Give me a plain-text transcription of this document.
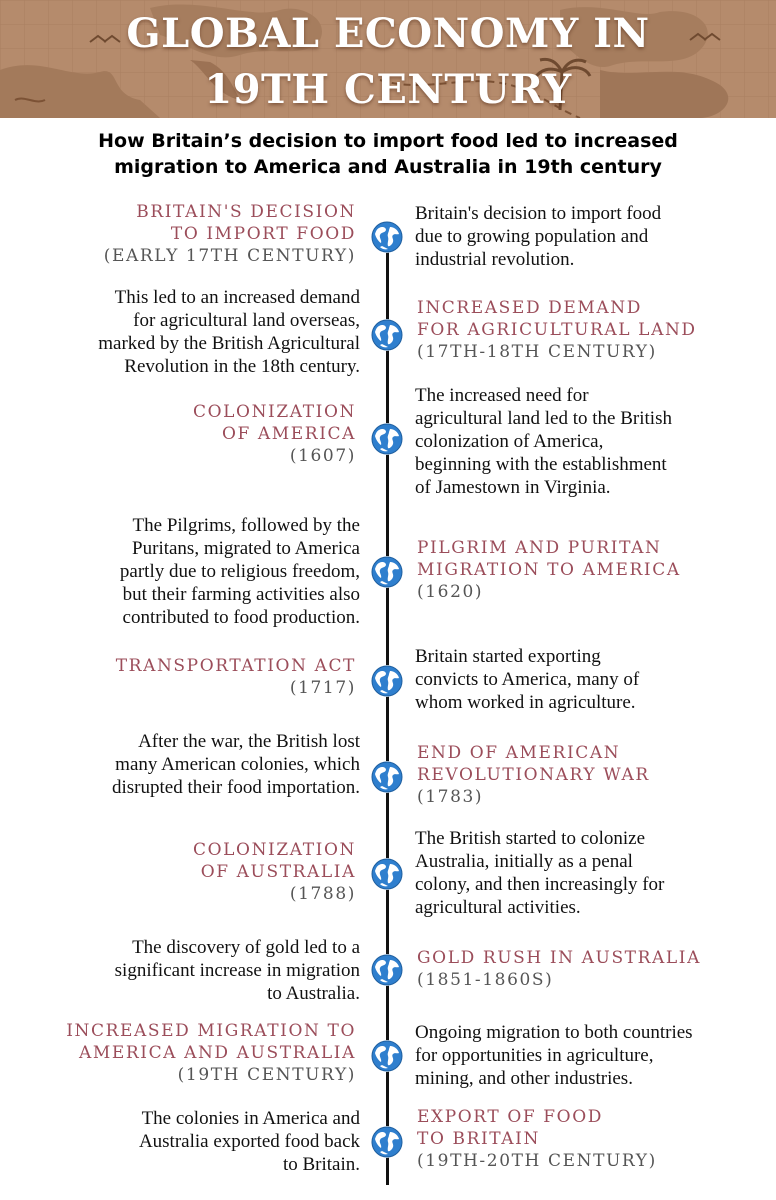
GLOBAL ECONOMY IN
19TH CENTURY
How Britain’s decision to import food led to increased
migration to America and Australia in 19th century
BRITAIN'S DECISION
TO IMPORT FOOD
(EARLY 17TH CENTURY)
Britain's decision to import food
due to growing population and
industrial revolution.
INCREASED DEMAND
FOR AGRICULTURAL LAND
(17TH-18TH CENTURY)
This led to an increased demand
for agricultural land overseas,
marked by the British Agricultural
Revolution in the 18th century.
COLONIZATION
OF AMERICA
(1607)
The increased need for
agricultural land led to the British
colonization of America,
beginning with the establishment
of Jamestown in Virginia.
PILGRIM AND PURITAN
MIGRATION TO AMERICA
(1620)
The Pilgrims, followed by the
Puritans, migrated to America
partly due to religious freedom,
but their farming activities also
contributed to food production.
TRANSPORTATION ACT
(1717)
Britain started exporting
convicts to America, many of
whom worked in agriculture.
END OF AMERICAN
REVOLUTIONARY WAR
(1783)
After the war, the British lost
many American colonies, which
disrupted their food importation.
COLONIZATION
OF AUSTRALIA
(1788)
The British started to colonize
Australia, initially as a penal
colony, and then increasingly for
agricultural activities.
GOLD RUSH IN AUSTRALIA
(1851-1860S)
The discovery of gold led to a
significant increase in migration
to Australia.
INCREASED MIGRATION TO
AMERICA AND AUSTRALIA
(19TH CENTURY)
Ongoing migration to both countries
for opportunities in agriculture,
mining, and other industries.
EXPORT OF FOOD
TO BRITAIN
(19TH-20TH CENTURY)
The colonies in America and
Australia exported food back
to Britain.
